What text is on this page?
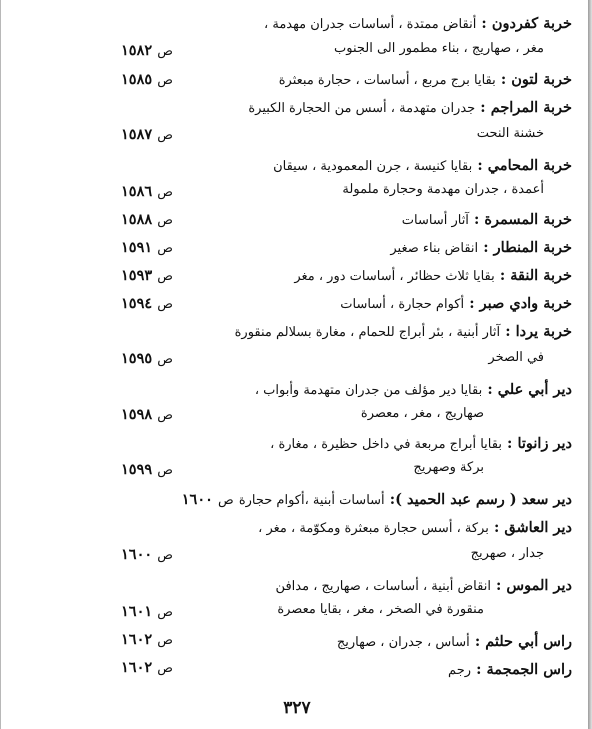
خربة كفردون : أنقاض ممتدة ، أساسات جدران مهدمة ،
مغر ، صهاريج ، بناء مطمور الى الجنوب
ص ١٥٨٢
خربة لتون : بقايا برج مربع ، أساسات ، حجارة مبعثرة
ص ١٥٨٥
خربة المراجم : جدران متهدمة ، أسس من الحجارة الكبيرة
خشنة النحت
ص ١٥٨٧
خربة المحامي : بقايا كنيسة ، جرن المعمودية ، سيقان
أعمدة ، جدران مهدمة وحجارة ملمولة
ص ١٥٨٦
خربة المسمرة : آثار أساسات
ص ١٥٨٨
خربة المنطار : انقاض بناء صغير
ص ١٥٩١
خربة النقة : بقايا ثلاث حظائر ، أساسات دور ، مغر
ص ١٥٩٣
خربة وادي صبر : أكوام حجارة ، أساسات
ص ١٥٩٤
خربة يردا : آثار أبنية ، بئر أبراج للحمام ، مغارة بسلالم منقورة
في الصخر
ص ١٥٩٥
دير أبي علي : بقايا دير مؤلف من جدران متهدمة وأبواب ،
صهاريج ، مغر ، معصرة
ص ١٥٩٨
دير زانوتا : بقايا أبراج مربعة في داخل حظيرة ، مغارة ،
بركة وصهريج
ص ١٥٩٩
دير سعد ( رسم عبد الحميد ): أساسات أبنية ،أكوام حجارة ص ١٦٠٠
دير العاشق : بركة ، أسس حجارة مبعثرة ومكوّمة ، مغر ،
جدار ، صهريج
ص ١٦٠٠
دير الموس : انقاض أبنية ، أساسات ، صهاريج ، مدافن
منقورة في الصخر ، مغر ، بقايا معصرة
ص ١٦٠١
راس أبي حلثم : أساس ، جدران ، صهاريج
ص ١٦٠٢
راس الجمجمة : رجم
ص ١٦٠٢
٣٢٧
